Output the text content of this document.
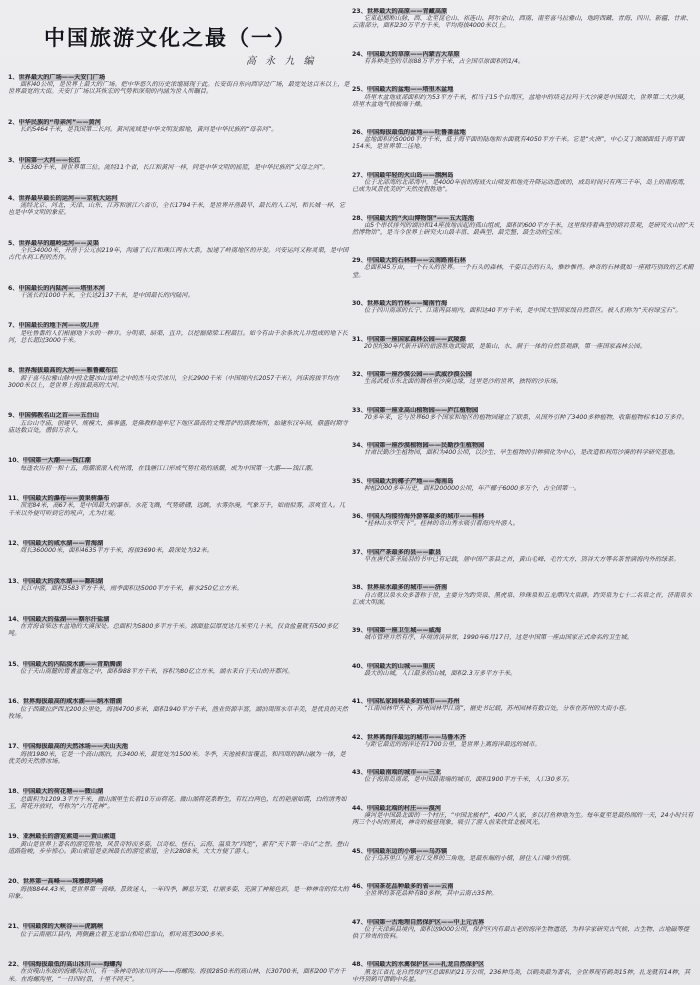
中国旅游文化之最（一）
高 永 九 编
1、世界最大的广场——天安门广场
面积40公顷，是世界上最大的广场。把中华悠久的历史浓缩展现于此。长安街自东向西穿过广场，最宽处达百米以上，是世界最宽的大街。天安门广场以其恢宏的气势和深刻的内涵为世人所瞩目。
2、中华民族的“母亲河”——黄河
长约5464千米，是我国第二长河。黄河流域是中华文明发源地，黄河是中华民族的“母亲河”。
3、中国第一大河——长江
长6380千米，居世界第三位。流经11个省，长江和黄河一样，同是中华文明的摇篮，是中华民族的“父母之河”。
4、世界最早最长的运河——京杭大运河
流经北京、河北、天津、山东、江苏和浙江六省市，全长1794千米，是世界开凿最早、最长的人工河，和长城一样，它也是中华文明的象征。
5、世界最早的越岭运河——灵渠
全长34000米，开凿于公元前219年，沟通了长江和珠江两水大系，加速了岭南地区的开发。兴安运河又称灵渠，是中国古代水利工程的杰作。
6、中国最长的内陆河——塔里木河
干流长约1000千米，全长达2137千米，是中国最长的内陆河。
7、中国最长的地下河——坎儿井
是吐鲁番的人们根据地下水的一种井。分明渠、暗渠、直井，以挖掘储梁工程最巨。如今有由千余条坎儿井组成的地下长河，总长超过3000千米。
8、世界海拔最高的大河——雅鲁藏布江
源于喜马拉雅山脉中段北麓冰山雪岭之中的杰马央宗冰川，全长2900千米（中国境内长2057千米），河床海拔平均在3000米以上，是世界上海拔最高的大河。
9、中国佛教名山之首——五台山
五台山寺庙，创建早、规模大、佛事盛，是佛教释迦牟尼下地区最高的文殊菩萨的演教场所，始建东汉年间，鼎盛时期寺庙达数百处，僧侣万余人。
10、中国第一大潮——钱江潮
每逢农历初一和十五，海潮滚滚入杭州湾，在钱塘江口形成气势壮观的涌潮，成为中国第一大潮——钱江潮。
11、中国最大的瀑布——黄果树瀑布
顶宽84米，高67米，是中国最大的瀑布。水花飞溅，气势磅礴，远眺，水雾弥漫，气象万千，如雨似雾，凉爽宜人。几千米以外便可听到它的吼声，尤为壮观。
12、中国最大的咸水湖——青海湖
周长360000米，面积4635平方千米，海拔3690米，最深处为32米。
13、中国最大的淡水湖——鄱阳湖
长江中游，面积3583平方千米，雨季面积达5000平方千米，蓄水250亿立方米。
14、中国最大的盐湖——察尔汗盐湖
在青海省柴达木盆地的大漠深处。总面积为5800多平方千米。湖面盐层厚度达几米至几十米，仅食盐量就有500多亿吨。
15、中国最大的内陆淡水湖——青斯腾湖
位于天山南麓的焉耆盆地之中，面积988平方千米，容积为80亿立方米，湖水来自于天山的开都河。
16、世界海拔最高的咸水湖——纳木错湖
位于西藏拉萨西北200公里处，海拔4700多米，面积1940平方千米，渔业资源丰富，湖泊周围水草丰美，是优良的天然牧场。
17、中国海拔最高的天然冰场——天山天池
海拔1980米，它是一个高山湖泊，长3400米，最宽处为1500米。冬季，天池被积雪覆盖，和四周的群山融为一体，是优美的天然滑冰场。
18、中国最大的荷花塘——微山湖
总面积为1209.3平方千米，微山湖里生长着10万亩荷花。微山湖荷花系野生，有红白两色，红的艳丽如霞，白的清秀如玉，荷花开放时，号称为“六月花神”。
19、亚洲最长的游览索道——黄山索道
黄山是世界上著名的游览胜地，风景奇特而多姿，以奇松、怪石、云海、温泉为“四绝”，素有“天下第一奇山”之誉。登山道路险峻，步步惊心。黄山索道是亚洲最长的游览索道，全长2808米，大大方便了游人。
20、世界第一高峰——珠穆朗玛峰
海拔8844.43米，是世界第一高峰。景致迷人，一年四季，瞬息万变，壮丽多姿，充满了神秘色彩，是一种神奇的伟大的印象。
21、中国最深的大峡谷——虎跳峡
位于云南丽江县内，两侧矗立着玉龙雪山和哈巴雪山，相对高差3000多米。
22、中国海拔最低的高山冰川——海螺沟
在贡嘎山东坡的海螺沟冰川，有一条神奇的冰川河谷——海螺沟。海拔2850米的高山林，长30700米，面积200平方千米。在海螺沟里，“一日四时景，十里不同天”。
23、世界最大的高原——青藏高原
它東起横断山脉，西、北至昆仑山、祁连山、阿尔金山，西南、南至喜马拉雅山，地跨西藏、青海、四川、新疆、甘肃、云南部分，面积230万平方千米，平均海拔4000米以上。
24、中国最大的草原——内蒙古大草原
有各种类型的草原88万平方千米，占全国草原面积的1/4。
25、中国最大的盆地——塔里木盆地
塔里木盆地底部面积约为53平方千米，相当于15个台湾区，盆地中的塔克拉玛干大沙漠是中国最大、世界第二大沙漠，塔里木盆地气候极端干燥。
26、中国海拔最低的盆地——吐鲁番盆地
盆地面积约50000平方千米，低于海平面的陆地和水面就有4050平方千米。它是“火洲”，中心艾丁湖湖面低于海平面154米，是世界第二洼地。
27、中国最年轻的火山岛——涠洲岛
位于北部湾的北部湾中，是4000年前的海底火山喷发和地壳升降运动造成的，成岛时间只有两三千年，岛上的南海湾，已成为风景优美的“天然度假胜地”。
28、中国最大的“火山博物馆”——五大连池
由5个串状排列的湖泊和14座拔地而起的孤山组成，面积约600平方千米，这里保持着典型的熔岩景观，是研究火山的“天然博物馆”，是当今世界上研究火山最丰富、最典型、最完整、最生动的宝库。
29、中国最大的石林群——云南路南石林
总面积45万亩，一个石头的世界。一个石头的森林，千姿百态的石头，惟妙惟肖。神奇的石林就如一座精巧别致的艺术殿堂。
30、世界最大的竹林——蜀南竹海
位于四川南部的长宁、江南两县境内，面积达40平方千米，是中国大型国家级自然景区。被人们称为“天府绿宝石”。
31、中国第一座国家森林公园——武陵源
20世纪80年代新开辟的旅游胜地武陵源，是集山、水、洞于一体的自然景观群，第一座国家森林公园。
32、中国第一座沙漠公园——武威沙漠公园
生荡武威市东北面的腾格里沙漠边缘，这里是沙的世界，独特的沙乐场。
33、中国第一座亚高山植物园——庐江植物园
70多年来，它与世界60多个国家和地区的植物园建立了联系，从国外引种了3400多种植物，收集植物标本10万多件。
34、中国第一座沙漠植物园——民勤沙生植物园
甘肃民勤沙生植物园，面积为400公顷，以沙生、旱生植物的引种驯化为中心，是改造和利用沙漠的科学研究基地。
35、中国最大的椰子产地——海南岛
种植2000多年历史，面积200000公顷，年产椰子6000多万个，占全国第一。
36、中国人均接待海外游客最多的城市——桂林
“桂林山水甲天下”。桂林的奇山秀水吸引着海内外游人。
37、中国产茶最多的县——歙县
早在唐代茶圣陆羽的书中已有记载，居中国产茶县之首，黄山毛峰、毛竹大方、顶谷大方等名茶誉满海内外的绿茶。
38、世界泉水最多的城市——济南
自古就以泉水众多著称于世，主要分为趵突泉、黑虎泉、珍珠泉和五龙潭四大泉群。趵突泉为七十二名泉之首，济南泉水汇成大明湖。
39、中国第一座卫生城——威海
城市管理井然有序，环境清洁异常，1990年6月17日，这是中国第一座由国家正式命名的卫生城。
40、中国最大的山城——重庆
最大的山城，人口最多的山城，面积2.3万多平方千米。
41、中国私家园林最多的城市——苏州
“江南园林甲天下，苏州园林甲江南”，据史书记载，苏州园林有数百处，分布在苏州的大街小巷。
42、世界离海洋最远的城市——乌鲁木齐
与距它最近的海洋还有1700公里，是世界上离海洋最远的城市。
43、中国最南端的城市——三亚
位于海南岛南部，是中国最南端的城市，面积1900平方千米，人口30多万。
44、中国最北端的村庄——漠河
漠河是中国最北面的一个村庄，“中国北极村”，400户人家，多以打鱼种地为生。每年夏至是最热闹的一天，24小时只有两三个小时的黑夜，神奇的极昼现象，吸引了游人前来欣赏北极风光。
45、中国最东边的小镇——乌苏镇
位于乌苏里江与黑龙江交界的三角地，是最东端的小镇，居住人口嗓少的镇。
46、中国茶花品种最多的省——云南
全世界的茶花品种有80多种，其中云南占35种。
47、中国第一古地理自然保护区——中上元古界
位于天津蓟县境内，面积达9000公顷，保护区内有最古老的海洋生物遗迹，为科学家研究古气候、古生物、古地磁等提供了珍贵的资料。
48、中国最大的水禽保护区——扎龙自然保护区
黑龙江省扎龙自然保护区总面积约21万公顷，236种鸟类，以鹤类最为著名，全世界现有鹤类15种，扎龙就有14种，其中丹顶鹤可谓鹤中名星。
